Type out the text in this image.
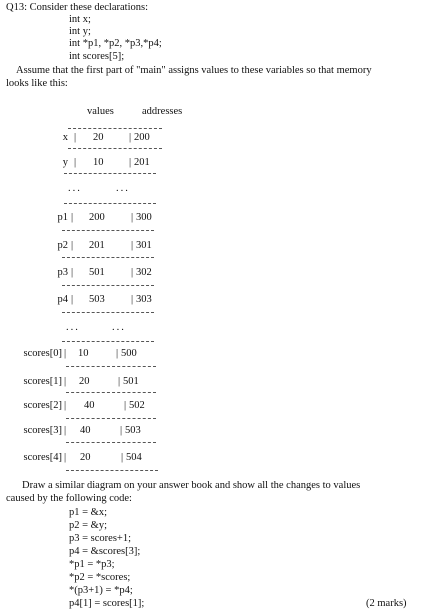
Q13: Consider these declarations:
int x;
int y;
int *p1, *p2, *p3,*p4;
int scores[5];
Assume that the first part of "main" assigns values to these variables so that memory
looks like this:
values	addresses
x | 20 | 200
y | 10 | 201
...	...
p1 | 200	| 300
p2 | 201	| 301
p3 | 501	| 302
p4 | 503	| 303
...	...
scores[0] | 10	| 500
scores[1] | 20	| 501
scores[2] | 40	| 502
scores[3] | 40	| 503
scores[4] | 20	| 504
Draw a similar diagram on your answer book and show all the changes to values
caused by the following code:
p1 = &x;
p2 = &y;
p3 = scores+1;
p4 = &scores[3];
*p1 = *p3;
*p2 = *scores;
*(p3+1) = *p4;
p4[1] = scores[1];	(2 marks)
